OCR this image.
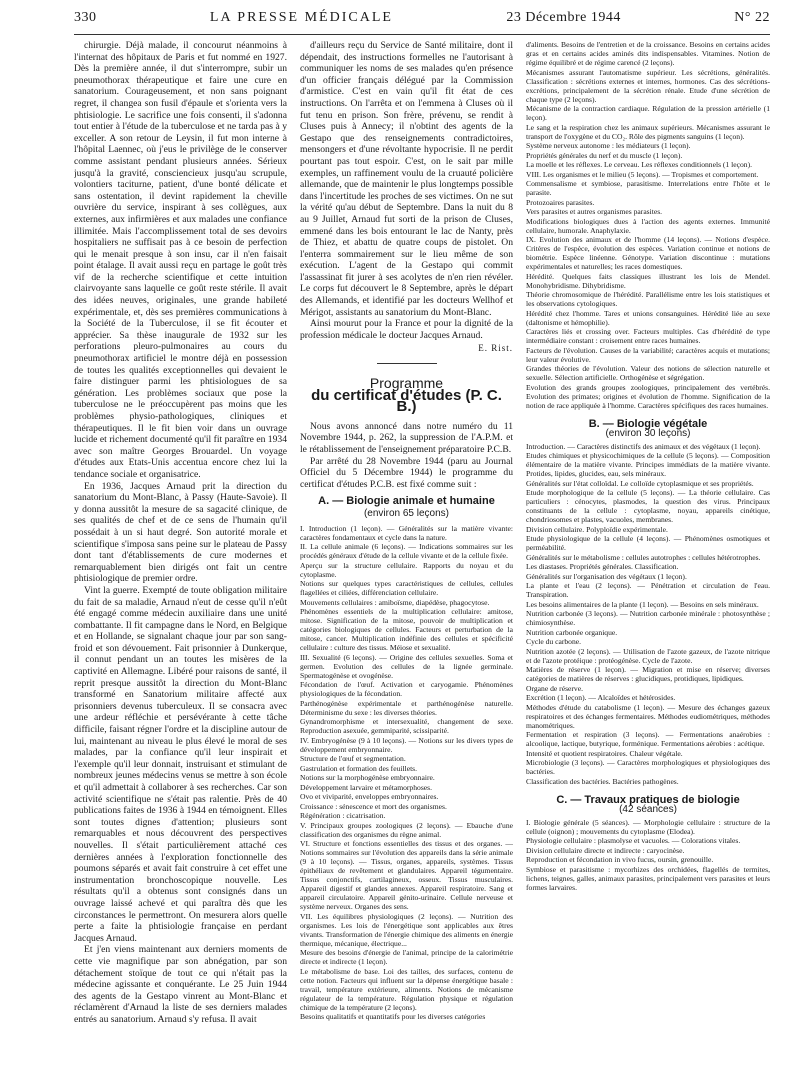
330	LA PRESSE MÉDICALE	23 Décembre 1944	N° 22

chirurgie. Déjà malade, il concourut néanmoins à l'internat des hôpitaux de Paris et fut nommé en 1927. Dès la première année, il dut s'interrompre, subir un pneumothorax thérapeutique et faire une cure en sanatorium. Courageusement, et non sans poignant regret, il changea son fusil d'épaule et s'orienta vers la phtisiologie. Le sacrifice une fois consenti, il s'adonna tout entier à l'étude de la tuberculose et ne tarda pas à y exceller. A son retour de Leysin, il fut mon interne à l'hôpital Laennec, où j'eus le privilège de le conserver comme assistant pendant plusieurs années. Sérieux jusqu'à la gravité, consciencieux jusqu'au scrupule, volontiers taciturne, patient, d'une bonté délicate et sans ostentation, il devint rapidement la cheville ouvrière du service, inspirant à ses collègues, aux externes, aux infirmières et aux malades une confiance illimitée. Mais l'accomplissement total de ses devoirs hospitaliers ne suffisait pas à ce besoin de perfection qui le menait presque à son insu, car il n'en faisait point étalage. Il avait aussi reçu en partage le goût très vif de la recherche scientifique et cette intuition clairvoyante sans laquelle ce goût reste stérile. Il avait des idées neuves, originales, une grande habileté expérimentale, et, dès ses premières communications à la Société de la Tuberculose, il se fit écouter et apprécier. Sa thèse inaugurale de 1932 sur les perforations pleuro-pulmonaires au cours du pneumothorax artificiel le montre déjà en possession de toutes les qualités exceptionnelles qui devaient le faire distinguer parmi les phtisiologues de sa génération. Les problèmes sociaux que pose la tuberculose ne le préoccupèrent pas moins que les problèmes physio-pathologiques, cliniques et thérapeutiques. Il le fit bien voir dans un ouvrage lucide et richement documenté qu'il fit paraître en 1934 avec son maître Georges Brouardel. Un voyage d'études aux Etats-Unis accentua encore chez lui la tendance sociale et organisatrice.

En 1936, Jacques Arnaud prit la direction du sanatorium du Mont-Blanc, à Passy (Haute-Savoie). Il y donna aussitôt la mesure de sa sagacité clinique, de ses qualités de chef et de ce sens de l'humain qu'il possédait à un si haut degré. Son autorité morale et scientifique s'imposa sans peine sur le plateau de Passy dont tant d'établissements de cure modernes et remarquablement bien dirigés ont fait un centre phtisiologique de premier ordre.

Vint la guerre. Exempté de toute obligation militaire du fait de sa maladie, Arnaud n'eut de cesse qu'il n'eût été engagé comme médecin auxiliaire dans une unité combattante. Il fit campagne dans le Nord, en Belgique et en Hollande, se signalant chaque jour par son sang-froid et son dévouement. Fait prisonnier à Dunkerque, il connut pendant un an toutes les misères de la captivité en Allemagne. Libéré pour raisons de santé, il reprit presque aussitôt la direction du Mont-Blanc transformé en Sanatorium militaire affecté aux prisonniers devenus tuberculeux. Il se consacra avec une ardeur réfléchie et persévérante à cette tâche difficile, faisant régner l'ordre et la discipline autour de lui, maintenant au niveau le plus élevé le moral de ses malades, par la confiance qu'il leur inspirait et l'exemple qu'il leur donnait, instruisant et stimulant de nombreux jeunes médecins venus se mettre à son école et qu'il admettait à collaborer à ses recherches. Car son activité scientifique ne s'était pas ralentie. Près de 40 publications faites de 1936 à 1944 en témoignent. Elles sont toutes dignes d'attention; plusieurs sont remarquables et nous découvrent des perspectives nouvelles. Il s'était particulièrement attaché ces dernières années à l'exploration fonctionnelle des poumons séparés et avait fait construire à cet effet une instrumentation bronchoscopique nouvelle. Les résultats qu'il a obtenus sont consignés dans un ouvrage laissé achevé et qui paraîtra dès que les circonstances le permettront. On mesurera alors quelle perte a faite la phtisiologie française en perdant Jacques Arnaud.

Et j'en viens maintenant aux derniers moments de cette vie magnifique par son abnégation, par son détachement stoïque de tout ce qui n'était pas la médecine agissante et conquérante. Le 25 Juin 1944 des agents de la Gestapo vinrent au Mont-Blanc et réclamèrent d'Arnaud la liste de ses derniers malades entrés au sanatorium. Arnaud s'y refusa. Il avait

d'ailleurs reçu du Service de Santé militaire, dont il dépendait, des instructions formelles ne l'autorisant à communiquer les noms de ses malades qu'en présence d'un officier français délégué par la Commission d'armistice. C'est en vain qu'il fit état de ces instructions. On l'arrêta et on l'emmena à Cluses où il fut tenu en prison. Son frère, prévenu, se rendit à Cluses puis à Annecy; il n'obtint des agents de la Gestapo que des renseignements contradictoires, mensongers et d'une révoltante hypocrisie. Il ne perdit pourtant pas tout espoir. C'est, on le sait par mille exemples, un raffinement voulu de la cruauté policière allemande, que de maintenir le plus longtemps possible dans l'incertitude les proches de ses victimes. On ne sut la vérité qu'au début de Septembre. Dans la nuit du 8 au 9 Juillet, Arnaud fut sorti de la prison de Cluses, emmené dans les bois entourant le lac de Nanty, près de Thiez, et abattu de quatre coups de pistolet. On l'enterra sommairement sur le lieu même de son exécution. L'agent de la Gestapo qui commit l'assassinat fit jurer à ses acolytes de n'en rien révéler. Le corps fut découvert le 8 Septembre, après le départ des Allemands, et identifié par les docteurs Wellhof et Mérigot, assistants au sanatorium du Mont-Blanc.

Ainsi mourut pour la France et pour la dignité de la profession médicale le docteur Jacques Arnaud.

E. Rist.
Programme
du certificat d'études (P. C. B.)

Nous avons annoncé dans notre numéro du 11 Novembre 1944, p. 262, la suppression de l'A.P.M. et le rétablissement de l'enseignement préparatoire P.C.B.

Par arrêté du 28 Novembre 1944 (paru au Journal Officiel du 5 Décembre 1944) le programme du certificat d'études P.C.B. est fixé comme suit :

A. — Biologie animale et humaine
(environ 65 leçons)

I. Introduction (1 leçon). — Généralités sur la matière vivante: caractères fondamentaux et cycle dans la nature.

II. La cellule animale (6 leçons). — Indications sommaires sur les procédés généraux d'étude de la cellule vivante et de la cellule fixée.

Aperçu sur la structure cellulaire. Rapports du noyau et du cytoplasme.

Notions sur quelques types caractéristiques de cellules, cellules flagellées et ciliées, différenciation cellulaire.

Mouvements cellulaires : amiboïsme, diapédèse, phagocytose.

Phénomènes essentiels de la multiplication cellulaire: amitose, mitose. Signification de la mitose, pouvoir de multiplication et catégories biologiques de cellules. Facteurs et perturbation de la mitose, cancer. Multiplication indéfinie des cellules et spécificité cellulaire : culture des tissus. Méiose et sexualité.

III. Sexualité (6 leçons). — Origine des cellules sexuelles. Soma et germen. Evolution des cellules de la lignée germinale. Spermatogénèse et ovogénèse.

Fécondation de l'œuf. Activation et caryogamie. Phénomènes physiologiques de la fécondation.

Parthénogénèse expérimentale et parthénogénèse naturelle. Déterminisme du sexe : les diverses théories.

Gynandromorphisme et intersexualité, changement de sexe. Reproduction asexuée, gemmiparité, scissiparité.

IV. Embryogénèse (9 à 10 leçons). — Notions sur les divers types de développement embryonnaire.

Structure de l'œuf et segmentation.

Gastrulation et formation des feuillets.

Notions sur la morphogénèse embryonnaire.

Développement larvaire et métamorphoses.

Ovo et viviparité, enveloppes embryonnaires.

Croissance : sénescence et mort des organismes.

Régénération : cicatrisation.

V. Principaux groupes zoologiques (2 leçons). — Ebauche d'une classification des organismes du règne animal.

VI. Structure et fonctions essentielles des tissus et des organes. — Notions sommaires sur l'évolution des appareils dans la série animale (9 à 10 leçons). — Tissus, organes, appareils, systèmes. Tissus épithéliaux de revêtement et glandulaires. Appareil tégumentaire. Tissus conjonctifs, cartilagineux, osseux. Tissus musculaires. Appareil digestif et glandes annexes. Appareil respiratoire. Sang et appareil circulatoire. Appareil génito-urinaire. Cellule nerveuse et système nerveux. Organes des sens.

VII. Les équilibres physiologiques (2 leçons). — Nutrition des organismes. Les lois de l'énergétique sont applicables aux êtres vivants. Transformation de l'énergie chimique des aliments en énergie thermique, mécanique, électrique...

Mesure des besoins d'énergie de l'animal, principe de la calorimétrie directe et indirecte (1 leçon).

Le métabolisme de base. Loi des tailles, des surfaces, contenu de cette notion. Facteurs qui influent sur la dépense énergétique basale : travail, température extérieure, aliments. Notions de mécanisme régulateur de la température. Régulation physique et régulation chimique de la température (2 leçons).

Besoins qualitatifs et quantitatifs pour les diverses catégories

d'aliments. Besoins de l'entretien et de la croissance. Besoins en certains acides gras et en certains acides aminés dits indispensables. Vitamines. Notion de régime équilibré et de régime carencé (2 leçons).

Mécanismes assurant l'automatisme supérieur. Les sécrétions, généralités. Classification : sécrétions externes et internes, hormones. Cas des sécrétions-excrétions, principalement de la sécrétion rénale. Etude d'une sécrétion de chaque type (2 leçons).

Mécanisme de la contraction cardiaque. Régulation de la pression artérielle (1 leçon).

Le sang et la respiration chez les animaux supérieurs. Mécanismes assurant le transport de l'oxygène et du CO₂. Rôle des pigments sanguins (1 leçon).

Système nerveux autonome : les médiateurs (1 leçon).

Propriétés générales du nerf et du muscle (1 leçon).

La moelle et les réflexes. Le cerveau. Les réflexes conditionnels (1 leçon).

VIII. Les organismes et le milieu (5 leçons). — Tropismes et comportement.

Commensalisme et symbiose, parasitisme. Interrelations entre l'hôte et le parasite.

Protozoaires parasites.

Vers parasites et autres organismes parasites.

Modifications biologiques dues à l'action des agents externes. Immunité cellulaire, humorale. Anaphylaxie.

IX. Evolution des animaux et de l'homme (14 leçons). — Notions d'espèce. Critères de l'espèce, évolution des espèces. Variation continue et notions de biométrie. Espèce linéenne. Génotype. Variation discontinue : mutations expérimentales et naturelles; les races domestiques.

Hérédité. Quelques faits classiques illustrant les lois de Mendel. Monohybridisme. Dihybridisme.

Théorie chromosomique de l'hérédité. Parallélisme entre les lois statistiques et les observations cytologiques.

Hérédité chez l'homme. Tares et unions consanguines. Hérédité liée au sexe (daltonisme et hémophilie).

Caractères liés et crossing over. Facteurs multiples. Cas d'hérédité de type intermédiaire constant : croisement entre races humaines.

Facteurs de l'évolution. Causes de la variabilité; caractères acquis et mutations; leur valeur évolutive.

Grandes théories de l'évolution. Valeur des notions de sélection naturelle et sexuelle. Sélection artificielle. Orthogénèse et ségrégation.

Evolution des grands groupes zoologiques, principalement des vertébrés. Evolution des primates; origines et évolution de l'homme. Signification de la notion de race appliquée à l'homme. Caractères spécifiques des races humaines.

B. — Biologie végétale
(environ 30 leçons)

Introduction. — Caractères distinctifs des animaux et des végétaux (1 leçon).

Etudes chimiques et physicochimiques de la cellule (5 leçons). — Composition élémentaire de la matière vivante. Principes immédiats de la matière vivante. Protides, lipides, glucides, eau, sels minéraux.

Généralités sur l'état colloïdal. Le colloïde cytoplasmique et ses propriétés.

Etude morphologique de la cellule (5 leçons). — La théorie cellulaire. Cas particuliers : cénocytes, plasmodes, la question des virus. Principaux constituants de la cellule : cytoplasme, noyau, appareils cinétique, chondriosomes et plastes, vacuoles, membranes.

Division cellulaire. Polyploïdie expérimentale.

Etude physiologique de la cellule (4 leçons). — Phénomènes osmotiques et perméabilité.

Généralités sur le métabolisme : cellules autotrophes : cellules hétérotrophes.

Les diastases. Propriétés générales. Classification.

Généralités sur l'organisation des végétaux (1 leçon).

La plante et l'eau (2 leçons). — Pénétration et circulation de l'eau. Transpiration.

Les besoins alimentaires de la plante (1 leçon). — Besoins en sels minéraux.

Nutrition carbonée (3 leçons). — Nutrition carbonée minérale : photosynthèse ; chimiosynthèse.

Nutrition carbonée organique.

Cycle du carbone.

Nutrition azotée (2 leçons). — Utilisation de l'azote gazeux, de l'azote nitrique et de l'azote protéique : protéogénèse. Cycle de l'azote.

Matières de réserve (1 leçon). — Migration et mise en réserve; diverses catégories de matières de réserves : glucidiques, protidiques, lipidiques.

Organe de réserve.

Excrétion (1 leçon). — Alcaloïdes et hétérosides.

Méthodes d'étude du catabolisme (1 leçon). — Mesure des échanges gazeux respiratoires et des échanges fermentaires. Méthodes eudiométriques, méthodes manométriques.

Fermentation et respiration (3 leçons). — Fermentations anaérobies : alcoolique, lactique, butyrique, forménique. Fermentations aérobies : acétique.

Intensité et quotient respiratoires. Chaleur végétale.

Microbiologie (3 leçons). — Caractères morphologiques et physiologiques des bactéries.

Classification des bactéries. Bactéries pathogènes.

C. — Travaux pratiques de biologie
(42 séances)

I. Biologie générale (5 séances). — Morphologie cellulaire : structure de la cellule (oignon) ; mouvements du cytoplasme (Elodea).

Physiologie cellulaire : plasmolyse et vacuoles. — Colorations vitales.

Division cellulaire directe et indirecte : caryocinèse.

Reproduction et fécondation in vivo fucus, oursin, grenouille.

Symbiose et parasitisme : mycorhizes des orchidées, flagellés de termites, lichens, teignes, galles, animaux parasites, principalement vers parasites et leurs formes larvaires.
